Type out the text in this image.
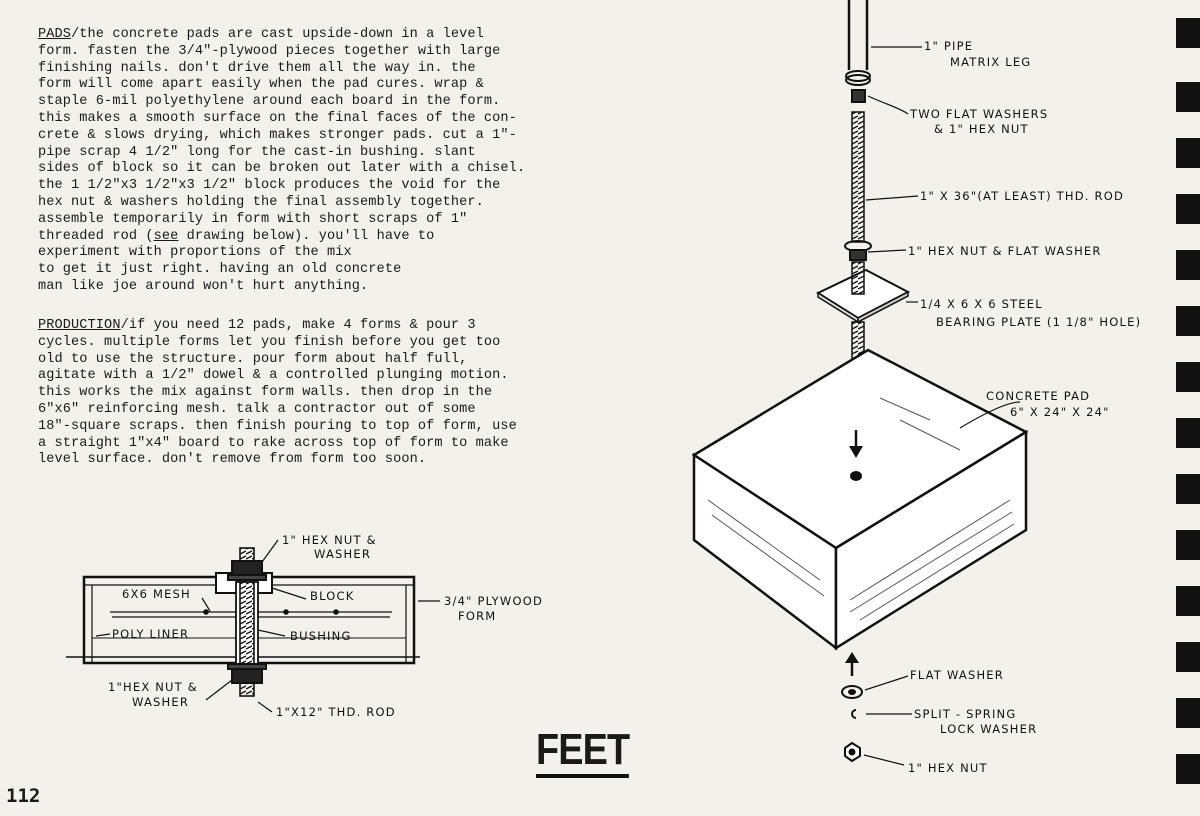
PADS/the concrete pads are cast upside-down in a level
form. fasten the 3/4"-plywood pieces together with large
finishing nails. don't drive them all the way in. the
form will come apart easily when the pad cures. wrap &
staple 6-mil polyethylene around each board in the form.
this makes a smooth surface on the final faces of the con-
crete & slows drying, which makes stronger pads. cut a 1"-
pipe scrap 4 1/2" long for the cast-in bushing. slant
sides of block so it can be broken out later with a chisel.
the 1 1/2"x3 1/2"x3 1/2" block produces the void for the
hex nut & washers holding the final assembly together.
assemble temporarily in form with short scraps of 1"
threaded rod (see drawing below). you'll have to
experiment with proportions of the mix
to get it just right. having an old concrete
man like joe around won't hurt anything.
PRODUCTION/if you need 12 pads, make 4 forms & pour 3
cycles. multiple forms let you finish before you get too
old to use the structure. pour form about half full,
agitate with a 1/2" dowel & a controlled plunging motion.
this works the mix against form walls. then drop in the
6"x6" reinforcing mesh. talk a contractor out of some
18"-square scraps. then finish pouring to top of form, use
a straight 1"x4" board to rake across top of form to make
level surface. don't remove from form too soon.
1" HEX NUT &
WASHER
6X6 MESH	BLOCK	3/4" PLYWOOD
FORM
POLY LINER	BUSHING
1"HEX NUT &
WASHER
1"X12" THD. ROD
1" PIPE
MATRIX LEG
TWO FLAT WASHERS
& 1" HEX NUT
1" X 36"(AT LEAST) THD. ROD
1" HEX NUT & FLAT WASHER
1/4 X 6 X 6 STEEL
BEARING PLATE (1 1/8" HOLE)
CONCRETE PAD
6" X 24" X 24"
FLAT WASHER
SPLIT - SPRING
LOCK WASHER
1" HEX NUT
FEET
112
